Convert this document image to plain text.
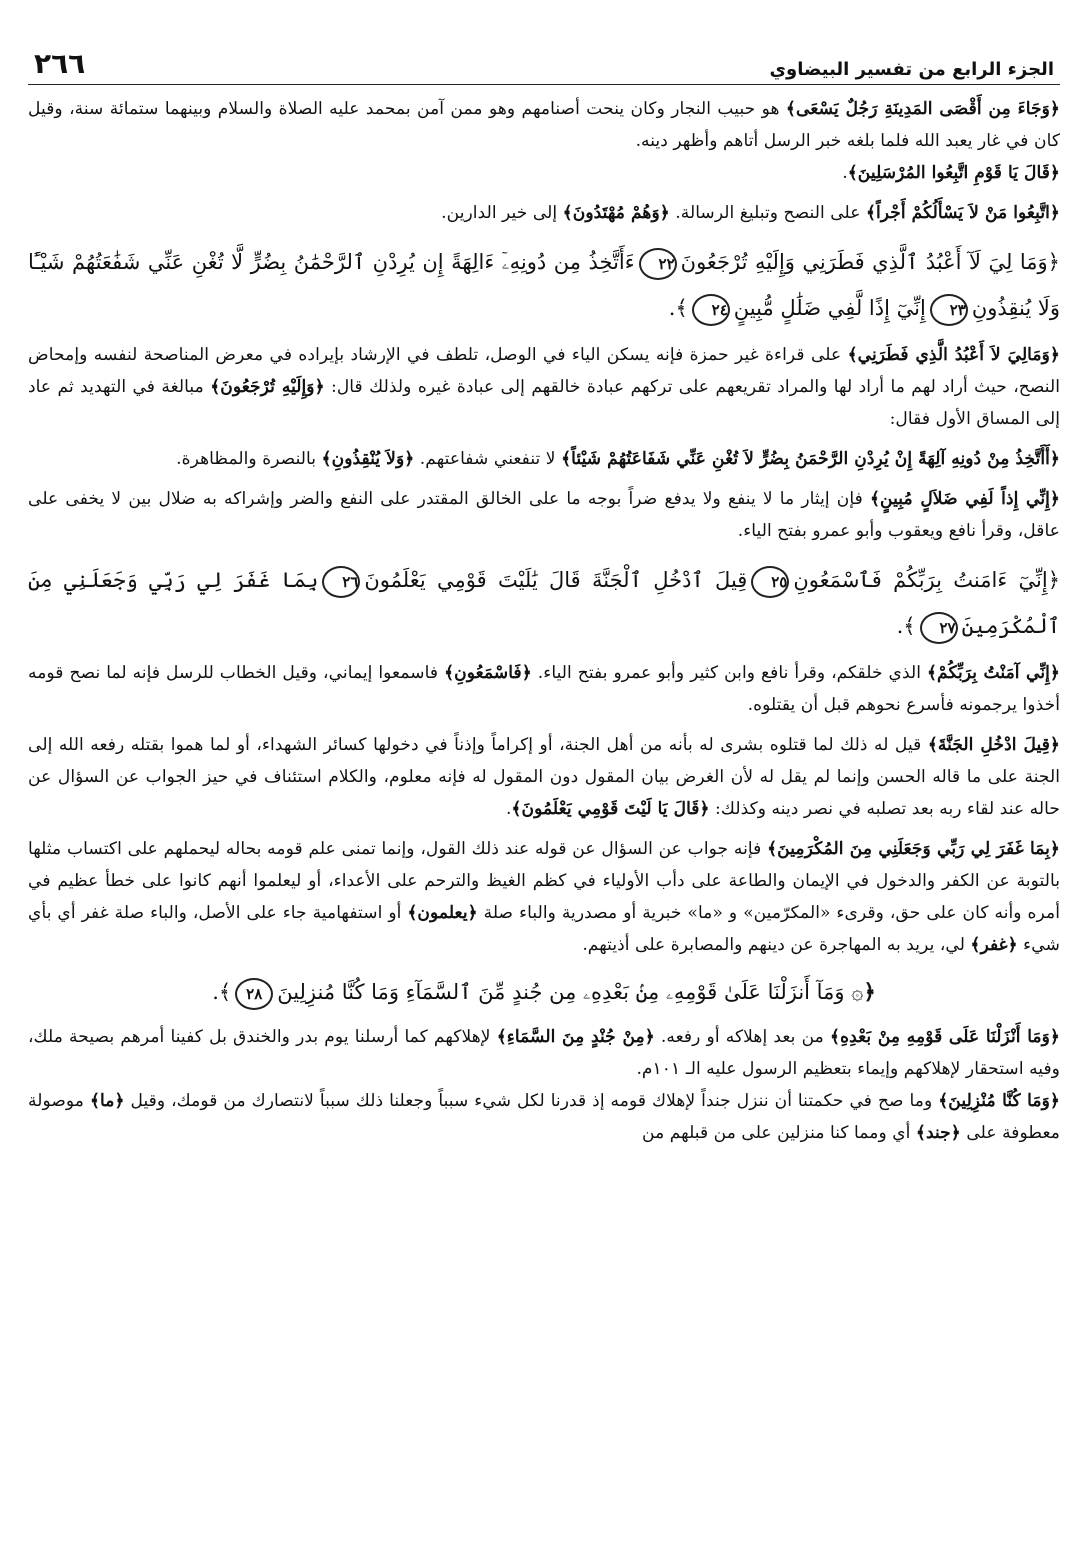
الجزء الرابع من تفسير البيضاوي
٢٦٦

﴿وَجَاءَ مِن أَقْصَى المَدِينَةِ رَجُلٌ يَسْعَى﴾ هو حبيب النجار وكان ينحت أصنامهم وهو ممن آمن بمحمد عليه الصلاة والسلام وبينهما ستمائة سنة، وقيل كان في غار يعبد الله فلما بلغه خبر الرسل أتاهم وأظهر دينه.
﴿قَالَ يَا قَوْمِ اتَّبِعُوا المُرْسَلِينَ﴾.

﴿اتَّبِعُوا مَنْ لاَ يَسْأَلُكُمْ أَجْراً﴾ على النصح وتبليغ الرسالة. ﴿وَهُمْ مُهْتَدُونَ﴾ إلى خير الدارين.

﴿وَمَا لِيَ لَآ أَعْبُدُ ٱلَّذِي فَطَرَنِي وَإِلَيْهِ تُرْجَعُونَ٢٢ءَأَتَّخِذُ مِن دُونِهِۦٓ ءَالِهَةً إِن يُرِدْنِ ٱلرَّحْمَٰنُ بِضُرٍّ لَّا تُغْنِ عَنِّي شَفَٰعَتُهُمْ شَيْـًٔا وَلَا يُنقِذُونِ٢٣إِنِّيٓ إِذًا لَّفِي ضَلَٰلٍ مُّبِينٍ٢٤﴾.

﴿وَمَالِيَ لاَ أَعْبُدُ الَّذِي فَطَرَنِي﴾ على قراءة غير حمزة فإنه يسكن الياء في الوصل، تلطف في الإرشاد بإيراده في معرض المناصحة لنفسه وإمحاض النصح، حيث أراد لهم ما أراد لها والمراد تقريعهم على تركهم عبادة خالقهم إلى عبادة غيره ولذلك قال: ﴿وَإِلَيْهِ تُرْجَعُونَ﴾ مبالغة في التهديد ثم عاد إلى المساق الأول فقال:

﴿أَأَتَّخِذُ مِنْ دُونِهِ آلِهَةً إِنْ يُرِدْنِ الرَّحْمَنُ بِضُرٍّ لاَ تُغْنِ عَنِّي شَفَاعَتُهُمْ شَيْئاً﴾ لا تنفعني شفاعتهم. ﴿وَلاَ يُنْقِذُونِ﴾ بالنصرة والمظاهرة.

﴿إِنِّي إِذاً لَفِي ضَلاَلٍ مُبِينٍ﴾ فإن إيثار ما لا ينفع ولا يدفع ضراً بوجه ما على الخالق المقتدر على النفع والضر وإشراكه به ضلال بين لا يخفى على عاقل، وقرأ نافع ويعقوب وأبو عمرو بفتح الياء.

﴿إِنِّيٓ ءَامَنتُ بِرَبِّكُمْ فَٱسْمَعُونِ٢٥قِيلَ ٱدْخُلِ ٱلْجَنَّةَ قَالَ يَٰلَيْتَ قَوْمِي يَعْلَمُونَ٢٦بِمَا غَفَرَ لِي رَبِّي وَجَعَلَنِي مِنَ ٱلْمُكْرَمِينَ٢٧﴾.

﴿إِنِّي آمَنْتُ بِرَبِّكُمْ﴾ الذي خلقكم، وقرأ نافع وابن كثير وأبو عمرو بفتح الياء. ﴿فَاسْمَعُونِ﴾ فاسمعوا إيماني، وقيل الخطاب للرسل فإنه لما نصح قومه أخذوا يرجمونه فأسرع نحوهم قبل أن يقتلوه.

﴿قِيلَ ادْخُلِ الجَنَّةَ﴾ قيل له ذلك لما قتلوه بشرى له بأنه من أهل الجنة، أو إكراماً وإذناً في دخولها كسائر الشهداء، أو لما هموا بقتله رفعه الله إلى الجنة على ما قاله الحسن وإنما لم يقل له لأن الغرض بيان المقول دون المقول له فإنه معلوم، والكلام استئناف في حيز الجواب عن السؤال عن حاله عند لقاء ربه بعد تصلبه في نصر دينه وكذلك: ﴿قَالَ يَا لَيْتَ قَوْمِي يَعْلَمُونَ﴾.

﴿بِمَا غَفَرَ لِي رَبِّي وَجَعَلَنِي مِنَ المُكْرَمِينَ﴾ فإنه جواب عن السؤال عن قوله عند ذلك القول، وإنما تمنى علم قومه بحاله ليحملهم على اكتساب مثلها بالتوبة عن الكفر والدخول في الإيمان والطاعة على دأب الأولياء في كظم الغيظ والترحم على الأعداء، أو ليعلموا أنهم كانوا على خطأ عظيم في أمره وأنه كان على حق، وقرىء «المكرّمين» و «ما» خبرية أو مصدرية والباء صلة ﴿يعلمون﴾ أو استفهامية جاء على الأصل، والباء صلة غفر أي بأي شيء ﴿غفر﴾ لي، يريد به المهاجرة عن دينهم والمصابرة على أذيتهم.

﴿۞ وَمَآ أَنزَلْنَا عَلَىٰ قَوْمِهِۦ مِنۢ بَعْدِهِۦ مِن جُندٍ مِّنَ ٱلسَّمَآءِ وَمَا كُنَّا مُنزِلِينَ٢٨﴾.

﴿وَمَا أَنْزَلْنَا عَلَى قَوْمِهِ مِنْ بَعْدِهِ﴾ من بعد إهلاكه أو رفعه. ﴿مِنْ جُنْدٍ مِنَ السَّمَاءِ﴾ لإهلاكهم كما أرسلنا يوم بدر والخندق بل كفينا أمرهم بصيحة ملك، وفيه استحقار لإهلاكهم وإيماء بتعظيم الرسول عليه الـ ١٠١م.

﴿وَمَا كُنَّا مُنْزِلِينَ﴾ وما صح في حكمتنا أن ننزل جنداً لإهلاك قومه إذ قدرنا لكل شيء سبباً وجعلنا ذلك سبباً لانتصارك من قومك، وقيل ﴿ما﴾ موصولة معطوفة على ﴿جند﴾ أي ومما كنا منزلين على من قبلهم من
